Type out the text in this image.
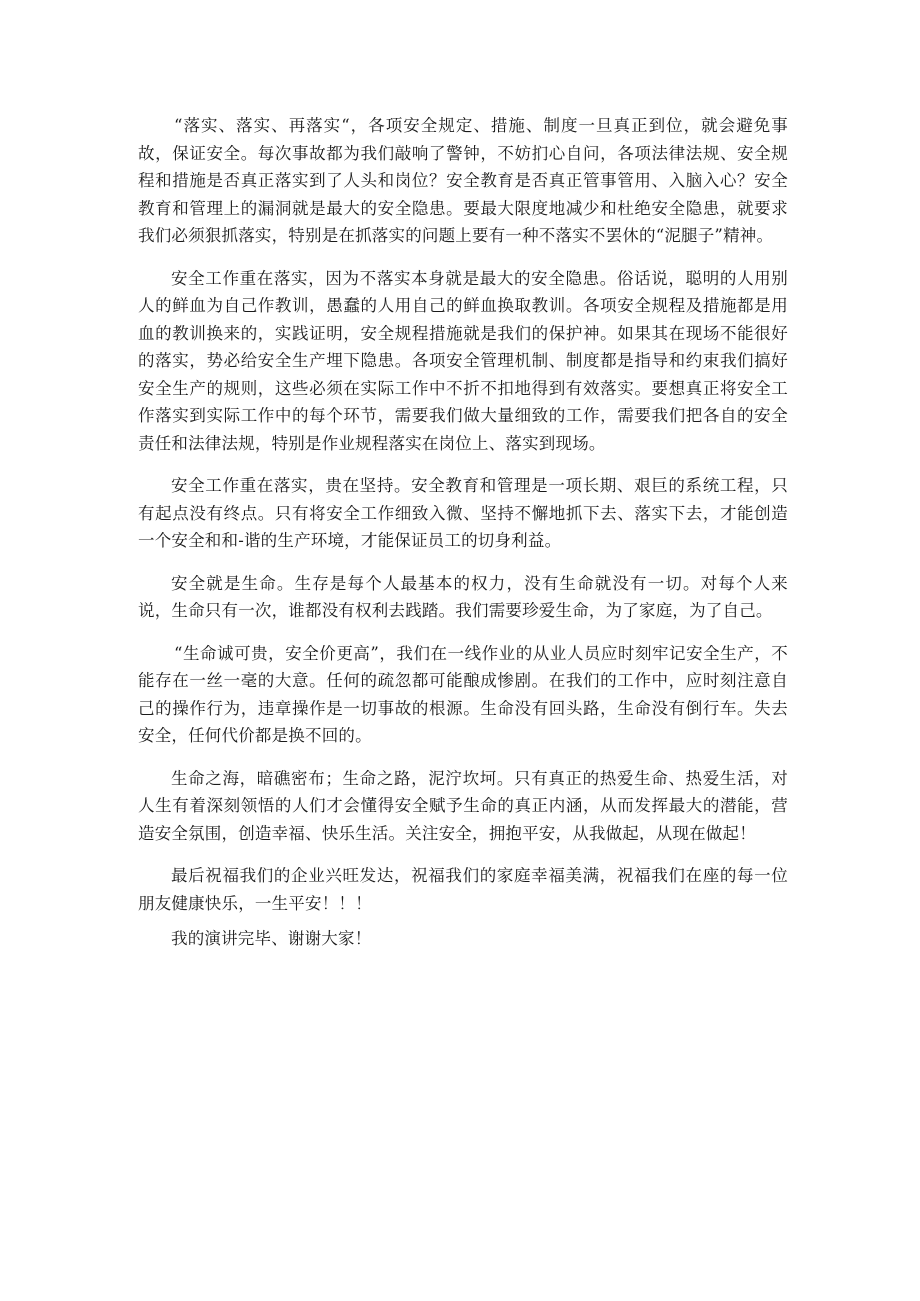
“落实、落实、再落实“，各项安全规定、措施、制度一旦真正到位，就会避免事故，保证安全。每次事故都为我们敲响了警钟，不妨扪心自问，各项法律法规、安全规程和措施是否真正落实到了人头和岗位？安全教育是否真正管事管用、入脑入心？安全教育和管理上的漏洞就是最大的安全隐患。要最大限度地减少和杜绝安全隐患，就要求我们必须狠抓落实，特别是在抓落实的问题上要有一种不落实不罢休的“泥腿子”精神。

安全工作重在落实，因为不落实本身就是最大的安全隐患。俗话说，聪明的人用别人的鲜血为自己作教训，愚蠢的人用自己的鲜血换取教训。各项安全规程及措施都是用血的教训换来的，实践证明，安全规程措施就是我们的保护神。如果其在现场不能很好的落实，势必给安全生产埋下隐患。各项安全管理机制、制度都是指导和约束我们搞好安全生产的规则，这些必须在实际工作中不折不扣地得到有效落实。要想真正将安全工作落实到实际工作中的每个环节，需要我们做大量细致的工作，需要我们把各自的安全责任和法律法规，特别是作业规程落实在岗位上、落实到现场。

安全工作重在落实，贵在坚持。安全教育和管理是一项长期、艰巨的系统工程，只有起点没有终点。只有将安全工作细致入微、坚持不懈地抓下去、落实下去，才能创造一个安全和和-谐的生产环境，才能保证员工的切身利益。

安全就是生命。生存是每个人最基本的权力，没有生命就没有一切。对每个人来说，生命只有一次，谁都没有权利去践踏。我们需要珍爱生命，为了家庭，为了自己。

“生命诚可贵，安全价更高”，我们在一线作业的从业人员应时刻牢记安全生产，不能存在一丝一毫的大意。任何的疏忽都可能酿成惨剧。在我们的工作中，应时刻注意自己的操作行为，违章操作是一切事故的根源。生命没有回头路，生命没有倒行车。失去安全，任何代价都是换不回的。

生命之海，暗礁密布；生命之路，泥泞坎坷。只有真正的热爱生命、热爱生活，对人生有着深刻领悟的人们才会懂得安全赋予生命的真正内涵，从而发挥最大的潜能，营造安全氛围，创造幸福、快乐生活。关注安全，拥抱平安，从我做起，从现在做起！

最后祝福我们的企业兴旺发达，祝福我们的家庭幸福美满，祝福我们在座的每一位朋友健康快乐，一生平安！！！

我的演讲完毕、谢谢大家！
